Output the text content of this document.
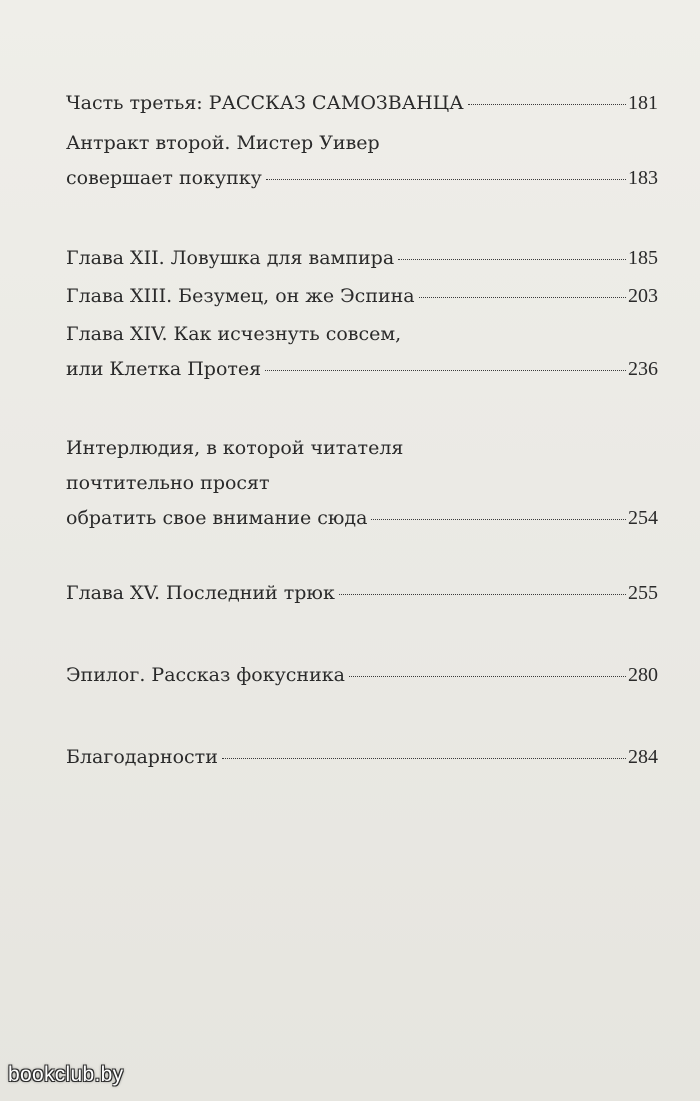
Часть третья: РАССКАЗ САМОЗВАНЦА	181
Антракт второй. Мистер Уивер
совершает покупку	183
Глава XII. Ловушка для вампира	185
Глава XIII. Безумец, он же Эспина	203
Глава XIV. Как исчезнуть совсем,
или Клетка Протея	236
Интерлюдия, в которой читателя
почтительно просят
обратить свое внимание сюда	254
Глава XV. Последний трюк	255
Эпилог. Рассказ фокусника	280
Благодарности	284
bookclub.by
